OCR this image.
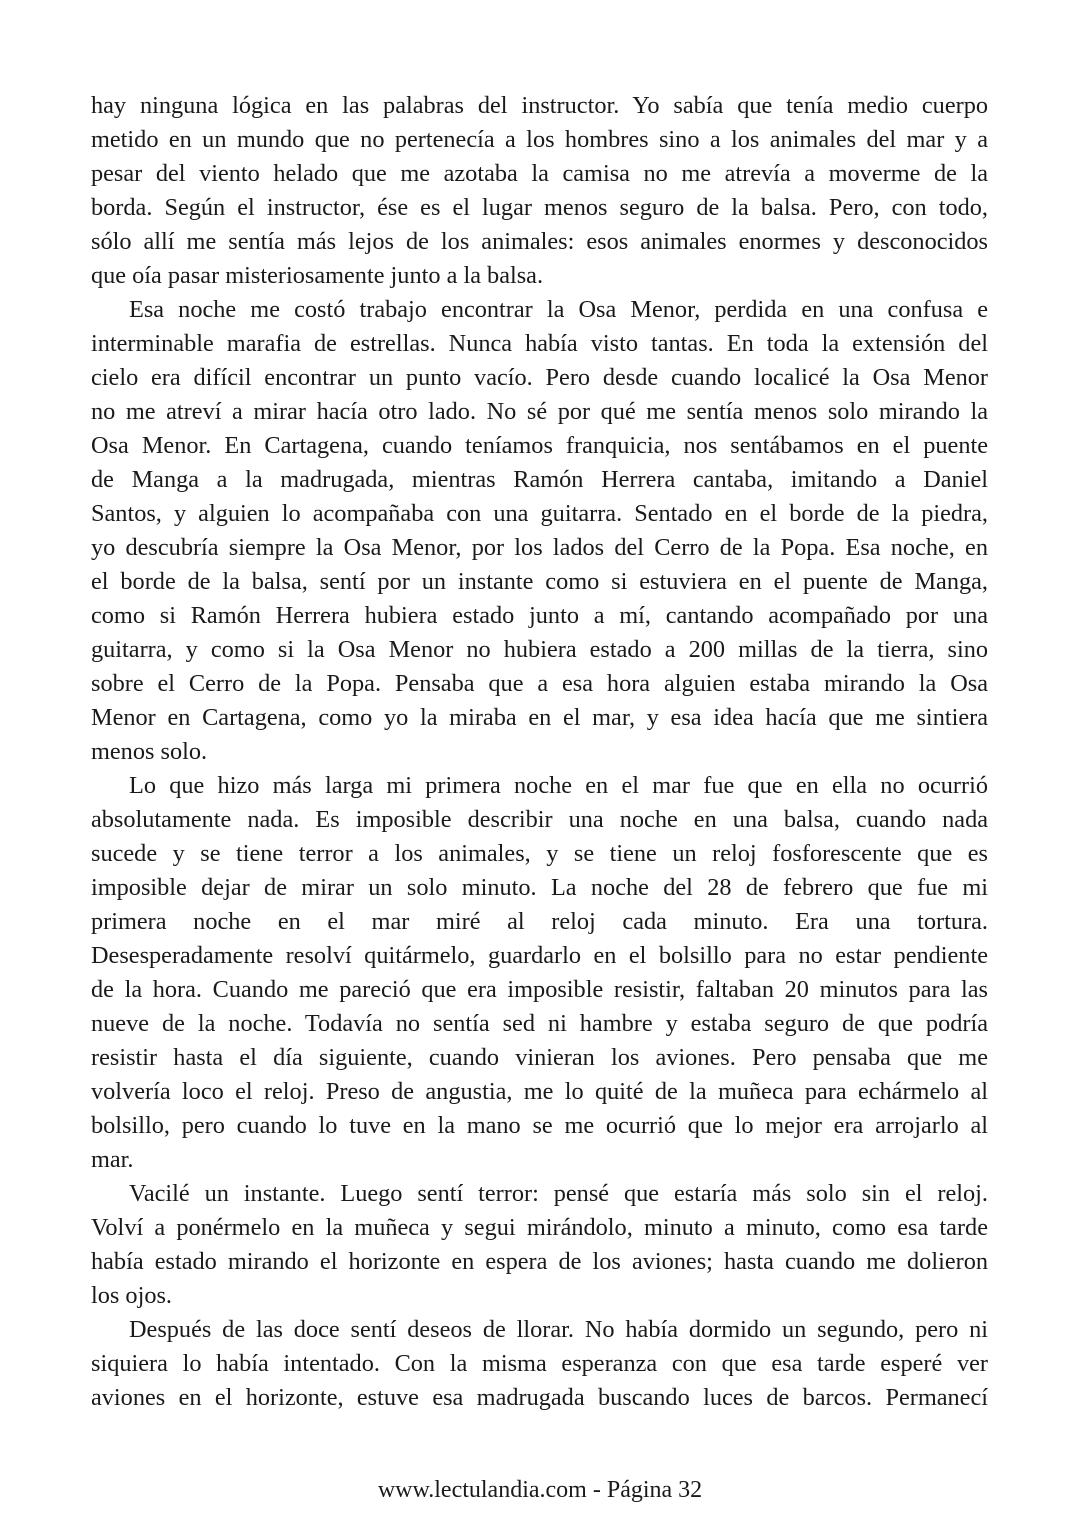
hay ninguna lógica en las palabras del instructor. Yo sabía que tenía medio cuerpo
metido en un mundo que no pertenecía a los hombres sino a los animales del mar y a
pesar del viento helado que me azotaba la camisa no me atrevía a moverme de la
borda. Según el instructor, ése es el lugar menos seguro de la balsa. Pero, con todo,
sólo allí me sentía más lejos de los animales: esos animales enormes y desconocidos
que oía pasar misteriosamente junto a la balsa.
Esa noche me costó trabajo encontrar la Osa Menor, perdida en una confusa e
interminable marafia de estrellas. Nunca había visto tantas. En toda la extensión del
cielo era difícil encontrar un punto vacío. Pero desde cuando localicé la Osa Menor
no me atreví a mirar hacía otro lado. No sé por qué me sentía menos solo mirando la
Osa Menor. En Cartagena, cuando teníamos franquicia, nos sentábamos en el puente
de Manga a la madrugada, mientras Ramón Herrera cantaba, imitando a Daniel
Santos, y alguien lo acompañaba con una guitarra. Sentado en el borde de la piedra,
yo descubría siempre la Osa Menor, por los lados del Cerro de la Popa. Esa noche, en
el borde de la balsa, sentí por un instante como si estuviera en el puente de Manga,
como si Ramón Herrera hubiera estado junto a mí, cantando acompañado por una
guitarra, y como si la Osa Menor no hubiera estado a 200 millas de la tierra, sino
sobre el Cerro de la Popa. Pensaba que a esa hora alguien estaba mirando la Osa
Menor en Cartagena, como yo la miraba en el mar, y esa idea hacía que me sintiera
menos solo.
Lo que hizo más larga mi primera noche en el mar fue que en ella no ocurrió
absolutamente nada. Es imposible describir una noche en una balsa, cuando nada
sucede y se tiene terror a los animales, y se tiene un reloj fosforescente que es
imposible dejar de mirar un solo minuto. La noche del 28 de febrero que fue mi
primera noche en el mar miré al reloj cada minuto. Era una tortura.
Desesperadamente resolví quitármelo, guardarlo en el bolsillo para no estar pendiente
de la hora. Cuando me pareció que era imposible resistir, faltaban 20 minutos para las
nueve de la noche. Todavía no sentía sed ni hambre y estaba seguro de que podría
resistir hasta el día siguiente, cuando vinieran los aviones. Pero pensaba que me
volvería loco el reloj. Preso de angustia, me lo quité de la muñeca para echármelo al
bolsillo, pero cuando lo tuve en la mano se me ocurrió que lo mejor era arrojarlo al
mar.
Vacilé un instante. Luego sentí terror: pensé que estaría más solo sin el reloj.
Volví a ponérmelo en la muñeca y segui mirándolo, minuto a minuto, como esa tarde
había estado mirando el horizonte en espera de los aviones; hasta cuando me dolieron
los ojos.
Después de las doce sentí deseos de llorar. No había dormido un segundo, pero ni
siquiera lo había intentado. Con la misma esperanza con que esa tarde esperé ver
aviones en el horizonte, estuve esa madrugada buscando luces de barcos. Permanecí
www.lectulandia.com - Página 32
